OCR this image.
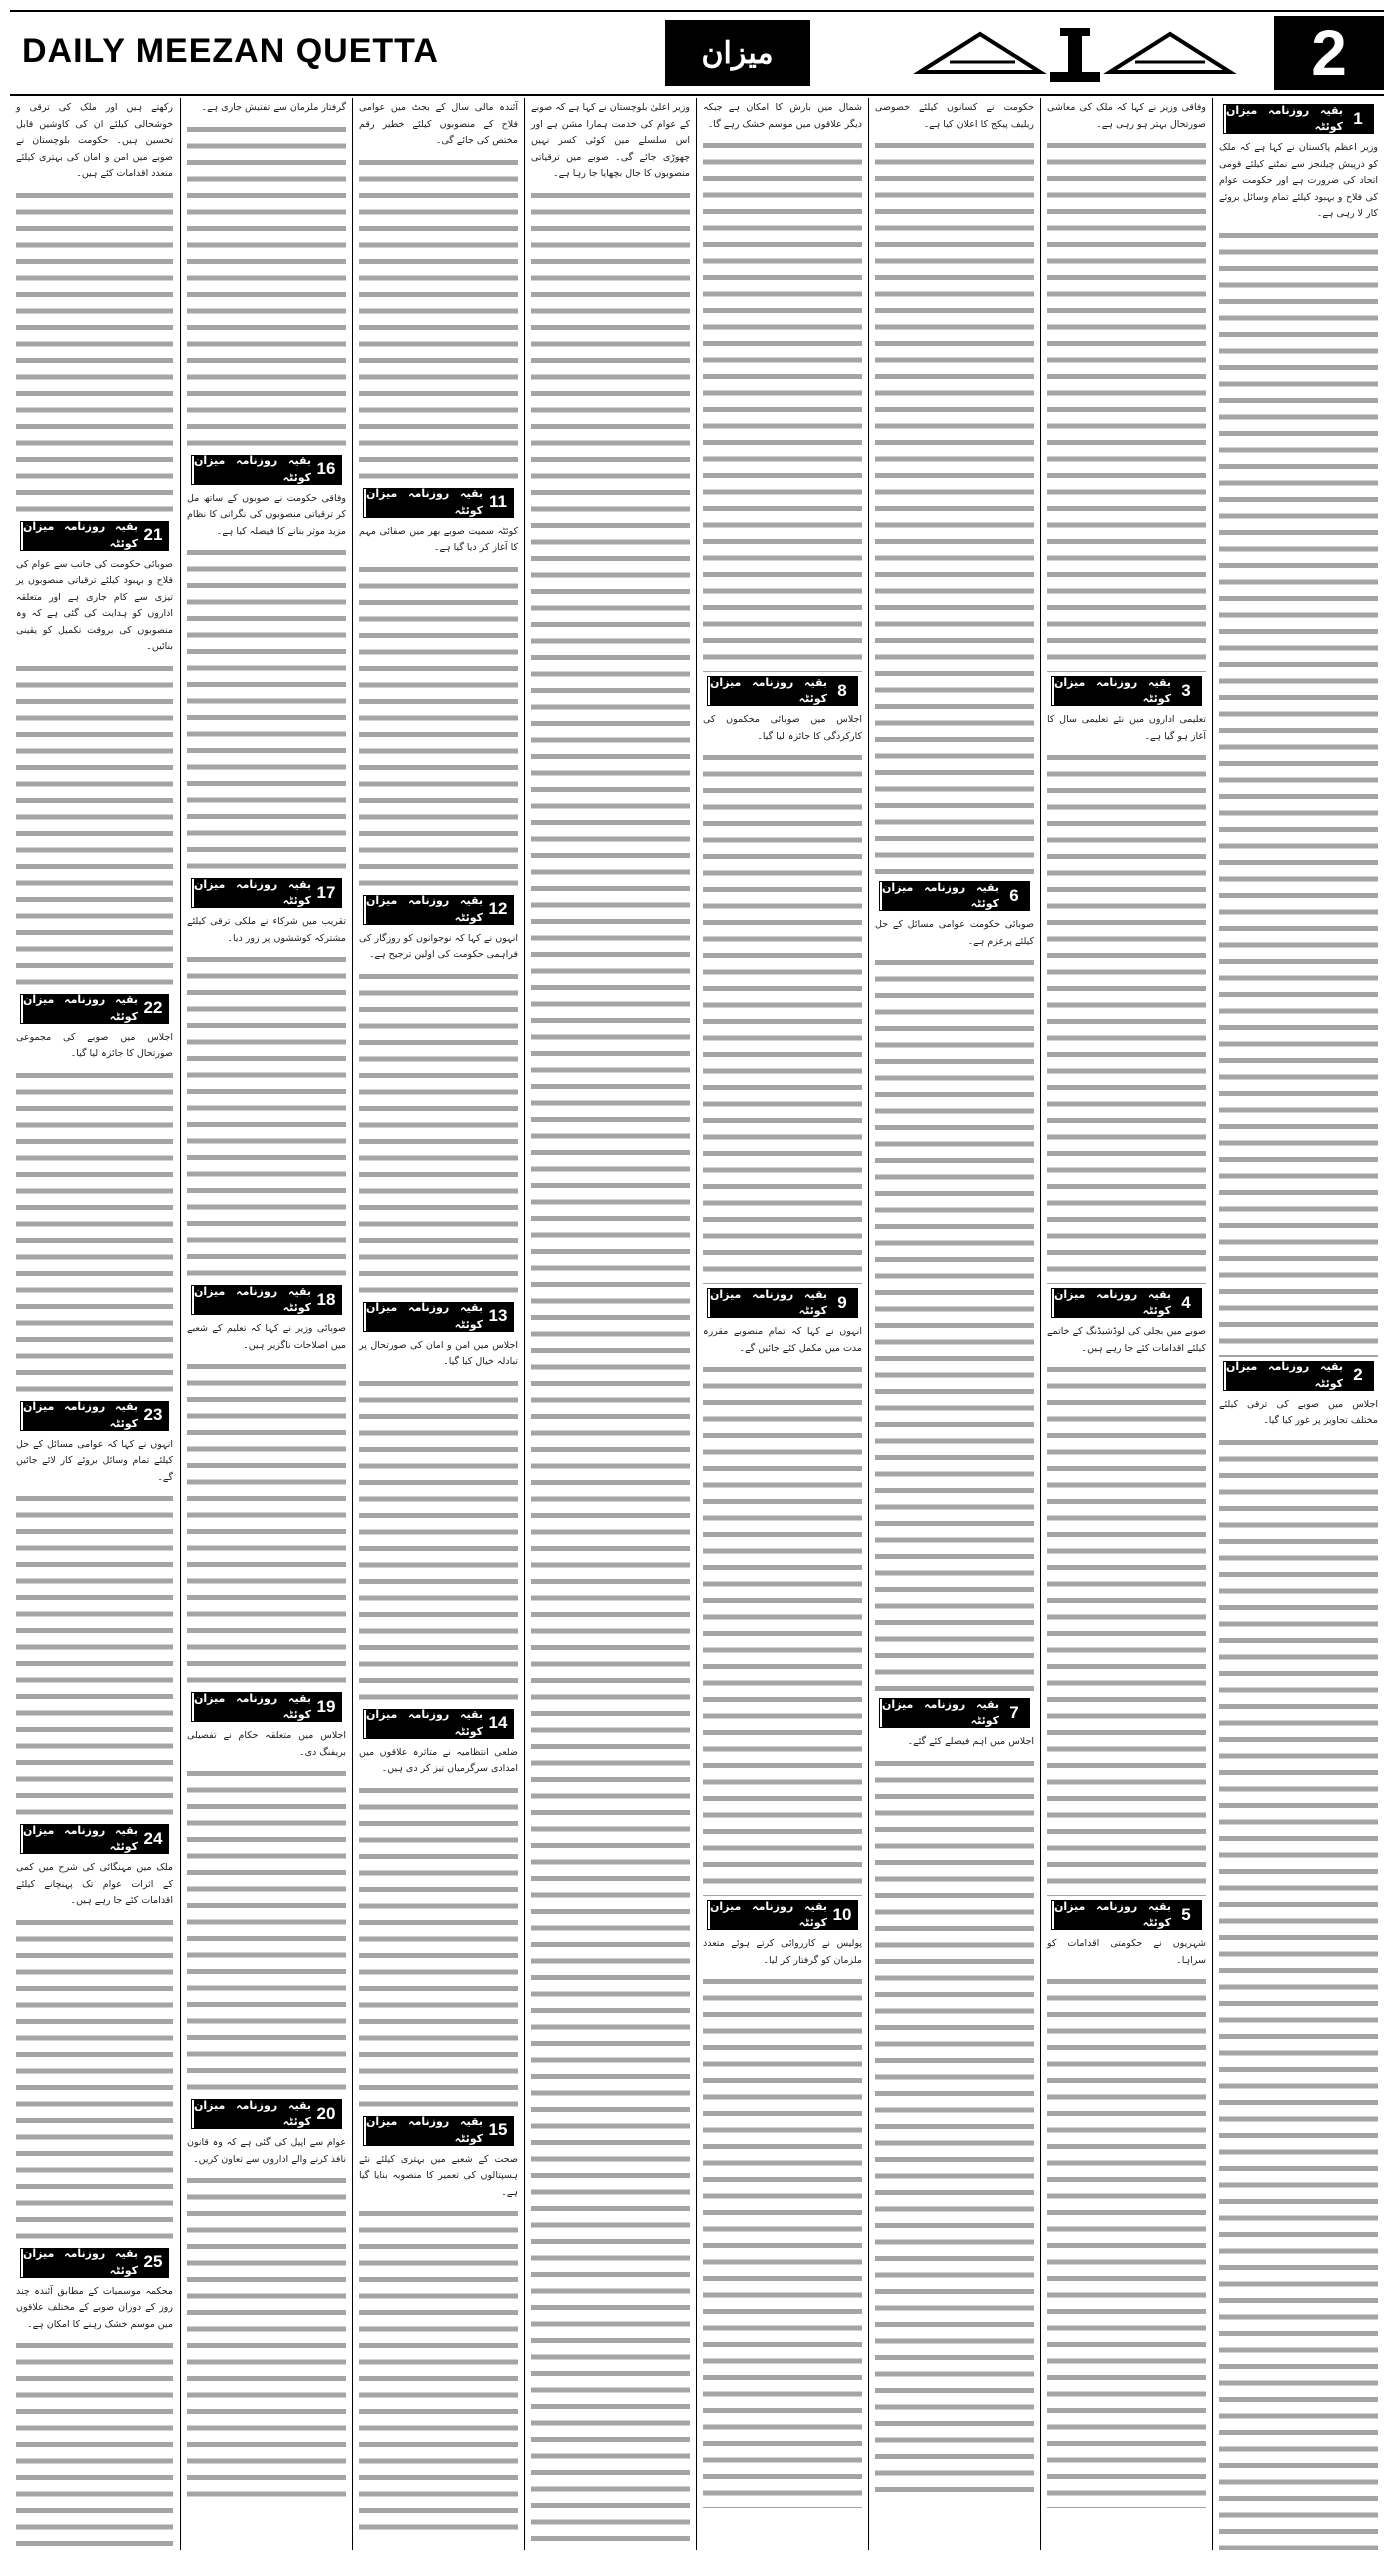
DAILY MEEZAN QUETTA	میزان	2

رکھتے ہیں اور ملک کی ترقی و خوشحالی کیلئے ان کی کاوشیں قابل تحسین ہیں۔ حکومت بلوچستان نے صوبے میں امن و امان کی بہتری کیلئے متعدد اقدامات کئے ہیں۔

بقیہ روزنامہ میزان کوئٹہ 21

صوبائی حکومت کی جانب سے عوام کی فلاح و بہبود کیلئے ترقیاتی منصوبوں پر تیزی سے کام جاری ہے اور متعلقہ اداروں کو ہدایت کی گئی ہے کہ وہ منصوبوں کی بروقت تکمیل کو یقینی بنائیں۔

بقیہ روزنامہ میزان کوئٹہ 22

اجلاس میں صوبے کی مجموعی صورتحال کا جائزہ لیا گیا۔

بقیہ روزنامہ میزان کوئٹہ 23

انہوں نے کہا کہ عوامی مسائل کے حل کیلئے تمام وسائل بروئے کار لائے جائیں گے۔

بقیہ روزنامہ میزان کوئٹہ 24

ملک میں مہنگائی کی شرح میں کمی کے اثرات عوام تک پہنچانے کیلئے اقدامات کئے جا رہے ہیں۔

بقیہ روزنامہ میزان کوئٹہ 25

محکمہ موسمیات کے مطابق آئندہ چند روز کے دوران صوبے کے مختلف علاقوں میں موسم خشک رہنے کا امکان ہے۔

گرفتار ملزمان سے تفتیش جاری ہے۔

بقیہ روزنامہ میزان کوئٹہ 16

وفاقی حکومت نے صوبوں کے ساتھ مل کر ترقیاتی منصوبوں کی نگرانی کا نظام مزید موثر بنانے کا فیصلہ کیا ہے۔

بقیہ روزنامہ میزان کوئٹہ 17

تقریب میں شرکاء نے ملکی ترقی کیلئے مشترکہ کوششوں پر زور دیا۔

بقیہ روزنامہ میزان کوئٹہ 18

صوبائی وزیر نے کہا کہ تعلیم کے شعبے میں اصلاحات ناگزیر ہیں۔

بقیہ روزنامہ میزان کوئٹہ 19

اجلاس میں متعلقہ حکام نے تفصیلی بریفنگ دی۔

بقیہ روزنامہ میزان کوئٹہ 20

عوام سے اپیل کی گئی ہے کہ وہ قانون نافذ کرنے والے اداروں سے تعاون کریں۔

آئندہ مالی سال کے بجٹ میں عوامی فلاح کے منصوبوں کیلئے خطیر رقم مختص کی جائے گی۔

بقیہ روزنامہ میزان کوئٹہ 11

کوئٹہ سمیت صوبے بھر میں صفائی مہم کا آغاز کر دیا گیا ہے۔

بقیہ روزنامہ میزان کوئٹہ 12

انہوں نے کہا کہ نوجوانوں کو روزگار کی فراہمی حکومت کی اولین ترجیح ہے۔

بقیہ روزنامہ میزان کوئٹہ 13

اجلاس میں امن و امان کی صورتحال پر تبادلہ خیال کیا گیا۔

بقیہ روزنامہ میزان کوئٹہ 14

ضلعی انتظامیہ نے متاثرہ علاقوں میں امدادی سرگرمیاں تیز کر دی ہیں۔

بقیہ روزنامہ میزان کوئٹہ 15

صحت کے شعبے میں بہتری کیلئے نئے ہسپتالوں کی تعمیر کا منصوبہ بنایا گیا ہے۔

وزیر اعلیٰ بلوچستان نے کہا ہے کہ صوبے کے عوام کی خدمت ہمارا مشن ہے اور اس سلسلے میں کوئی کسر نہیں چھوڑی جائے گی۔ صوبے میں ترقیاتی منصوبوں کا جال بچھایا جا رہا ہے۔

شمال میں بارش کا امکان ہے جبکہ دیگر علاقوں میں موسم خشک رہے گا۔

بقیہ روزنامہ میزان کوئٹہ 8

اجلاس میں صوبائی محکموں کی کارکردگی کا جائزہ لیا گیا۔

بقیہ روزنامہ میزان کوئٹہ 9

انہوں نے کہا کہ تمام منصوبے مقررہ مدت میں مکمل کئے جائیں گے۔

بقیہ روزنامہ میزان کوئٹہ 10

پولیس نے کارروائی کرتے ہوئے متعدد ملزمان کو گرفتار کر لیا۔

حکومت نے کسانوں کیلئے خصوصی ریلیف پیکج کا اعلان کیا ہے۔

بقیہ روزنامہ میزان کوئٹہ 6

صوبائی حکومت عوامی مسائل کے حل کیلئے پرعزم ہے۔

بقیہ روزنامہ میزان کوئٹہ 7

اجلاس میں اہم فیصلے کئے گئے۔

وفاقی وزیر نے کہا کہ ملک کی معاشی صورتحال بہتر ہو رہی ہے۔

بقیہ روزنامہ میزان کوئٹہ 3

تعلیمی اداروں میں نئے تعلیمی سال کا آغاز ہو گیا ہے۔

بقیہ روزنامہ میزان کوئٹہ 4

صوبے میں بجلی کی لوڈشیڈنگ کے خاتمے کیلئے اقدامات کئے جا رہے ہیں۔

بقیہ روزنامہ میزان کوئٹہ 5

شہریوں نے حکومتی اقدامات کو سراہا۔

بقیہ روزنامہ میزان کوئٹہ 1

وزیر اعظم پاکستان نے کہا ہے کہ ملک کو درپیش چیلنجز سے نمٹنے کیلئے قومی اتحاد کی ضرورت ہے اور حکومت عوام کی فلاح و بہبود کیلئے تمام وسائل بروئے کار لا رہی ہے۔

بقیہ روزنامہ میزان کوئٹہ 2

اجلاس میں صوبے کی ترقی کیلئے مختلف تجاویز پر غور کیا گیا۔
